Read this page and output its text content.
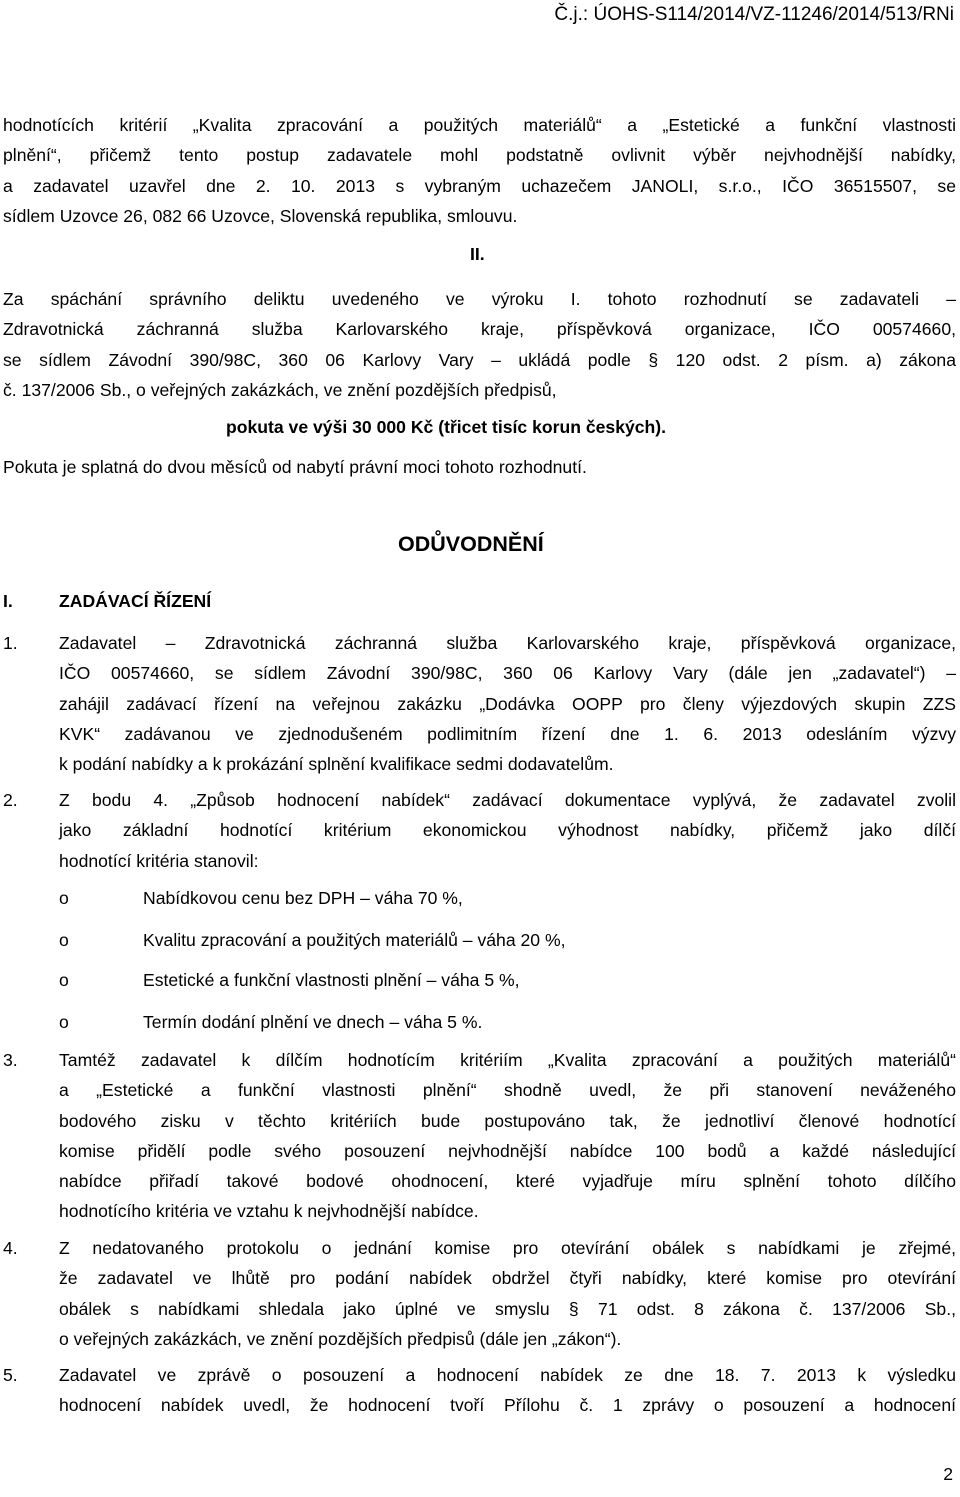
Č.j.: ÚOHS-S114/2014/VZ-11246/2014/513/RNi
hodnotících kritérií „Kvalita zpracování a použitých materiálů“ a „Estetické a funkční vlastnosti
plnění“, přičemž tento postup zadavatele mohl podstatně ovlivnit výběr nejvhodnější nabídky,
a zadavatel uzavřel dne 2. 10. 2013 s vybraným uchazečem JANOLI, s.r.o., IČO 36515507, se
sídlem Uzovce 26, 082 66 Uzovce, Slovenská republika, smlouvu.
II.
Za spáchání správního deliktu uvedeného ve výroku I. tohoto rozhodnutí se zadavateli –
Zdravotnická záchranná služba Karlovarského kraje, příspěvková organizace, IČO 00574660,
se sídlem Závodní 390/98C, 360 06 Karlovy Vary – ukládá podle § 120 odst. 2 písm. a) zákona
č. 137/2006 Sb., o veřejných zakázkách, ve znění pozdějších předpisů,
pokuta ve výši 30 000 Kč (třicet tisíc korun českých).
Pokuta je splatná do dvou měsíců od nabytí právní moci tohoto rozhodnutí.
ODŮVODNĚNÍ
I.	ZADÁVACÍ ŘÍZENÍ
1. Zadavatel – Zdravotnická záchranná služba Karlovarského kraje, příspěvková organizace,
IČO 00574660, se sídlem Závodní 390/98C, 360 06 Karlovy Vary (dále jen „zadavatel“) –
zahájil zadávací řízení na veřejnou zakázku „Dodávka OOPP pro členy výjezdových skupin ZZS
KVK“ zadávanou ve zjednodušeném podlimitním řízení dne 1. 6. 2013 odesláním výzvy
k podání nabídky a k prokázání splnění kvalifikace sedmi dodavatelům.
2. Z bodu 4. „Způsob hodnocení nabídek“ zadávací dokumentace vyplývá, že zadavatel zvolil
jako základní hodnotící kritérium ekonomickou výhodnost nabídky, přičemž jako dílčí
hodnotící kritéria stanovil:
o	Nabídkovou cenu bez DPH – váha 70 %,
o	Kvalitu zpracování a použitých materiálů – váha 20 %,
o	Estetické a funkční vlastnosti plnění – váha 5 %,
o	Termín dodání plnění ve dnech – váha 5 %.
3. Tamtéž zadavatel k dílčím hodnotícím kritériím „Kvalita zpracování a použitých materiálů“
a „Estetické a funkční vlastnosti plnění“ shodně uvedl, že při stanovení neváženého
bodového zisku v těchto kritériích bude postupováno tak, že jednotliví členové hodnotící
komise přidělí podle svého posouzení nejvhodnější nabídce 100 bodů a každé následující
nabídce přiřadí takové bodové ohodnocení, které vyjadřuje míru splnění tohoto dílčího
hodnotícího kritéria ve vztahu k nejvhodnější nabídce.
4. Z nedatovaného protokolu o jednání komise pro otevírání obálek s nabídkami je zřejmé,
že zadavatel ve lhůtě pro podání nabídek obdržel čtyři nabídky, které komise pro otevírání
obálek s nabídkami shledala jako úplné ve smyslu § 71 odst. 8 zákona č. 137/2006 Sb.,
o veřejných zakázkách, ve znění pozdějších předpisů (dále jen „zákon“).
5. Zadavatel ve zprávě o posouzení a hodnocení nabídek ze dne 18. 7. 2013 k výsledku
hodnocení nabídek uvedl, že hodnocení tvoří Přílohu č. 1 zprávy o posouzení a hodnocení
2
